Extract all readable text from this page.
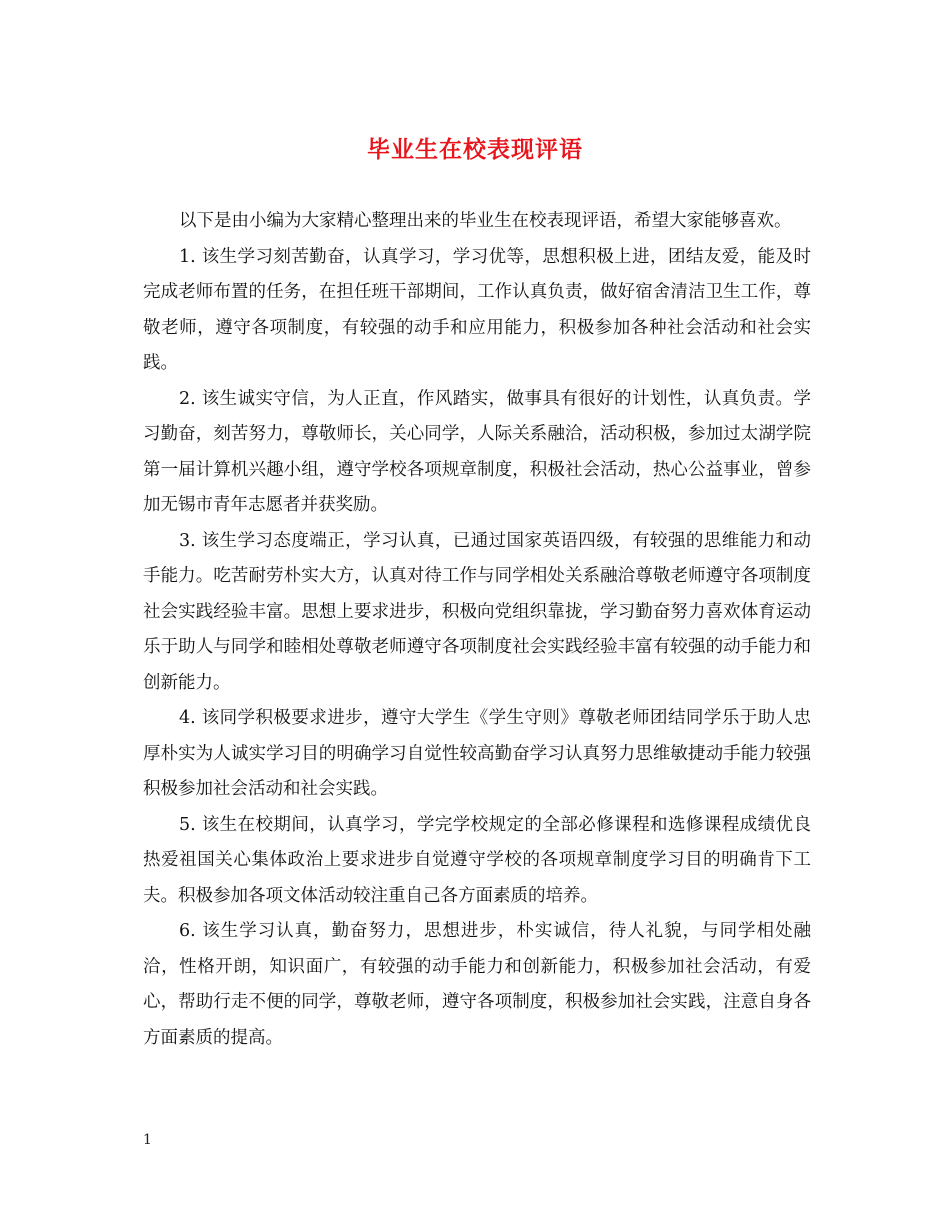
毕业生在校表现评语

以下是由小编为大家精心整理出来的毕业生在校表现评语，希望大家能够喜欢。

1. 该生学习刻苦勤奋，认真学习，学习优等，思想积极上进，团结友爱，能及时完成老师布置的任务，在担任班干部期间，工作认真负责，做好宿舍清洁卫生工作，尊敬老师，遵守各项制度，有较强的动手和应用能力，积极参加各种社会活动和社会实践。

2. 该生诚实守信，为人正直，作风踏实，做事具有很好的计划性，认真负责。学习勤奋，刻苦努力，尊敬师长，关心同学，人际关系融洽，活动积极，参加过太湖学院第一届计算机兴趣小组，遵守学校各项规章制度，积极社会活动，热心公益事业，曾参加无锡市青年志愿者并获奖励。

3. 该生学习态度端正，学习认真，已通过国家英语四级，有较强的思维能力和动手能力。吃苦耐劳朴实大方，认真对待工作与同学相处关系融洽尊敬老师遵守各项制度社会实践经验丰富。思想上要求进步，积极向党组织靠拢，学习勤奋努力喜欢体育运动乐于助人与同学和睦相处尊敬老师遵守各项制度社会实践经验丰富有较强的动手能力和创新能力。

4. 该同学积极要求进步，遵守大学生《学生守则》尊敬老师团结同学乐于助人忠厚朴实为人诚实学习目的明确学习自觉性较高勤奋学习认真努力思维敏捷动手能力较强积极参加社会活动和社会实践。

5. 该生在校期间，认真学习，学完学校规定的全部必修课程和选修课程成绩优良热爱祖国关心集体政治上要求进步自觉遵守学校的各项规章制度学习目的明确肯下工夫。积极参加各项文体活动较注重自己各方面素质的培养。

6. 该生学习认真，勤奋努力，思想进步，朴实诚信，待人礼貌，与同学相处融洽，性格开朗，知识面广，有较强的动手能力和创新能力，积极参加社会活动，有爱心，帮助行走不便的同学，尊敬老师，遵守各项制度，积极参加社会实践，注意自身各方面素质的提高。

1
